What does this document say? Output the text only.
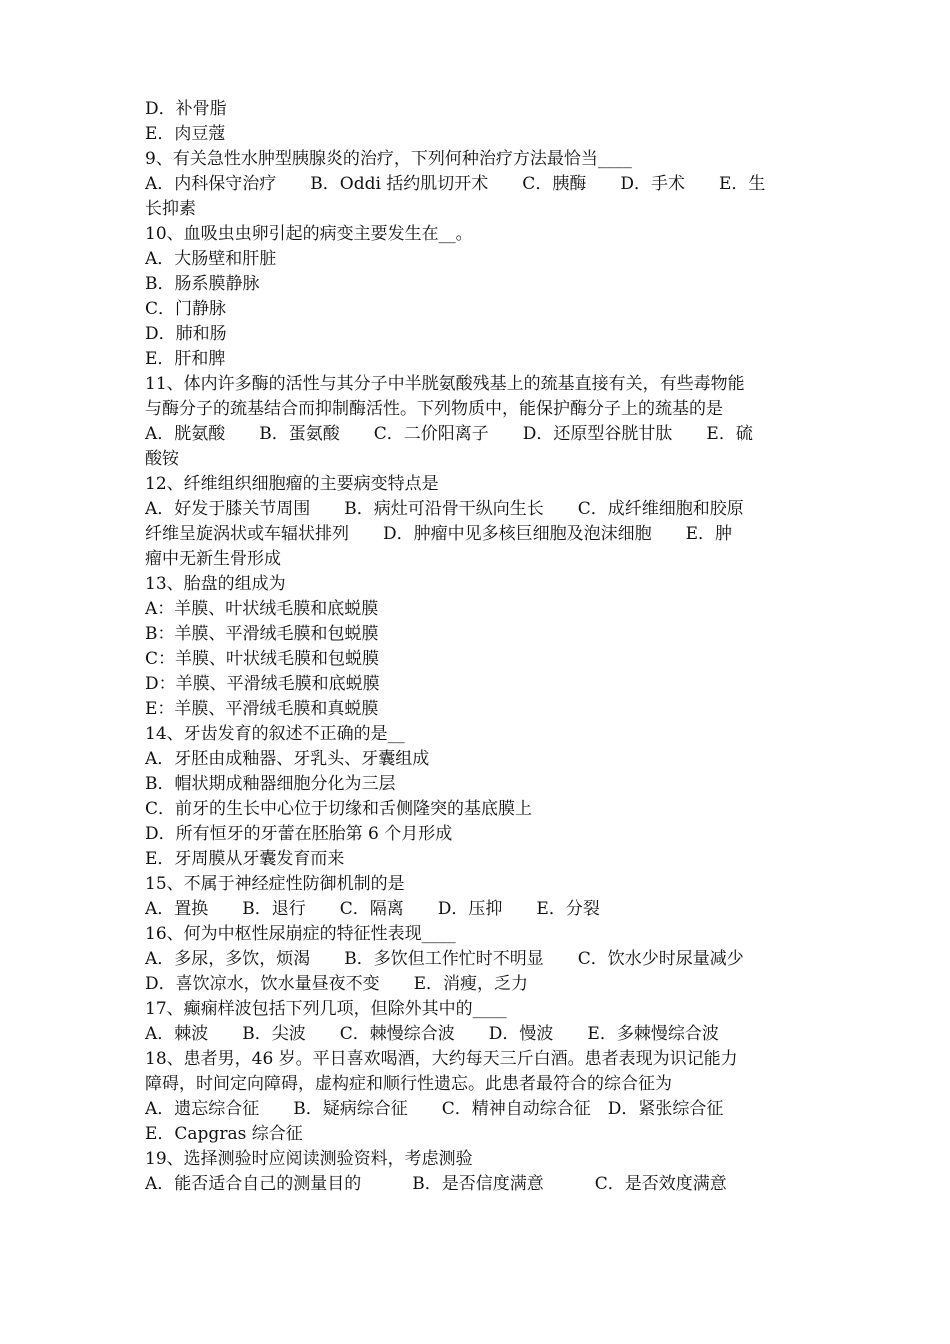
D．补骨脂
E．肉豆蔻
9、有关急性水肿型胰腺炎的治疗，下列何种治疗方法最恰当____
A．内科保守治疗　　B．Oddi 括约肌切开术　　C．胰酶　　D．手术　　E．生
长抑素
10、血吸虫虫卵引起的病变主要发生在__。
A．大肠壁和肝脏
B．肠系膜静脉
C．门静脉
D．肺和肠
E．肝和脾
11、体内许多酶的活性与其分子中半胱氨酸残基上的巯基直接有关，有些毒物能
与酶分子的巯基结合而抑制酶活性。下列物质中，能保护酶分子上的巯基的是
A．胱氨酸　　B．蛋氨酸　　C．二价阳离子　　D．还原型谷胱甘肽　　E．硫
酸铵
12、纤维组织细胞瘤的主要病变特点是
A．好发于膝关节周围　　B．病灶可沿骨干纵向生长　　C．成纤维细胞和胶原
纤维呈旋涡状或车辐状排列　　D．肿瘤中见多核巨细胞及泡沫细胞　　E．肿
瘤中无新生骨形成
13、胎盘的组成为
A：羊膜、叶状绒毛膜和底蜕膜
B：羊膜、平滑绒毛膜和包蜕膜
C：羊膜、叶状绒毛膜和包蜕膜
D：羊膜、平滑绒毛膜和底蜕膜
E：羊膜、平滑绒毛膜和真蜕膜
14、牙齿发育的叙述不正确的是__
A．牙胚由成釉器、牙乳头、牙囊组成
B．帽状期成釉器细胞分化为三层
C．前牙的生长中心位于切缘和舌侧隆突的基底膜上
D．所有恒牙的牙蕾在胚胎第 6 个月形成
E．牙周膜从牙囊发育而来
15、不属于神经症性防御机制的是
A．置换　　B．退行　　C．隔离　　D．压抑　　E．分裂
16、何为中枢性尿崩症的特征性表现____
A．多尿，多饮，烦渴　　B．多饮但工作忙时不明显　　C．饮水少时尿量减少
D．喜饮凉水，饮水量昼夜不变　　E．消瘦，乏力
17、癫痫样波包括下列几项，但除外其中的____
A．棘波　　B．尖波　　C．棘慢综合波　　D．慢波　　E．多棘慢综合波
18、患者男，46 岁。平日喜欢喝酒，大约每天三斤白酒。患者表现为识记能力
障碍，时间定向障碍，虚构症和顺行性遗忘。此患者最符合的综合征为
A．遗忘综合征　　B．疑病综合征　　C．精神自动综合征　D．紧张综合征
E．Capgras 综合征
19、选择测验时应阅读测验资料，考虑测验
A．能否适合自己的测量目的　　　B．是否信度满意　　　C．是否效度满意
